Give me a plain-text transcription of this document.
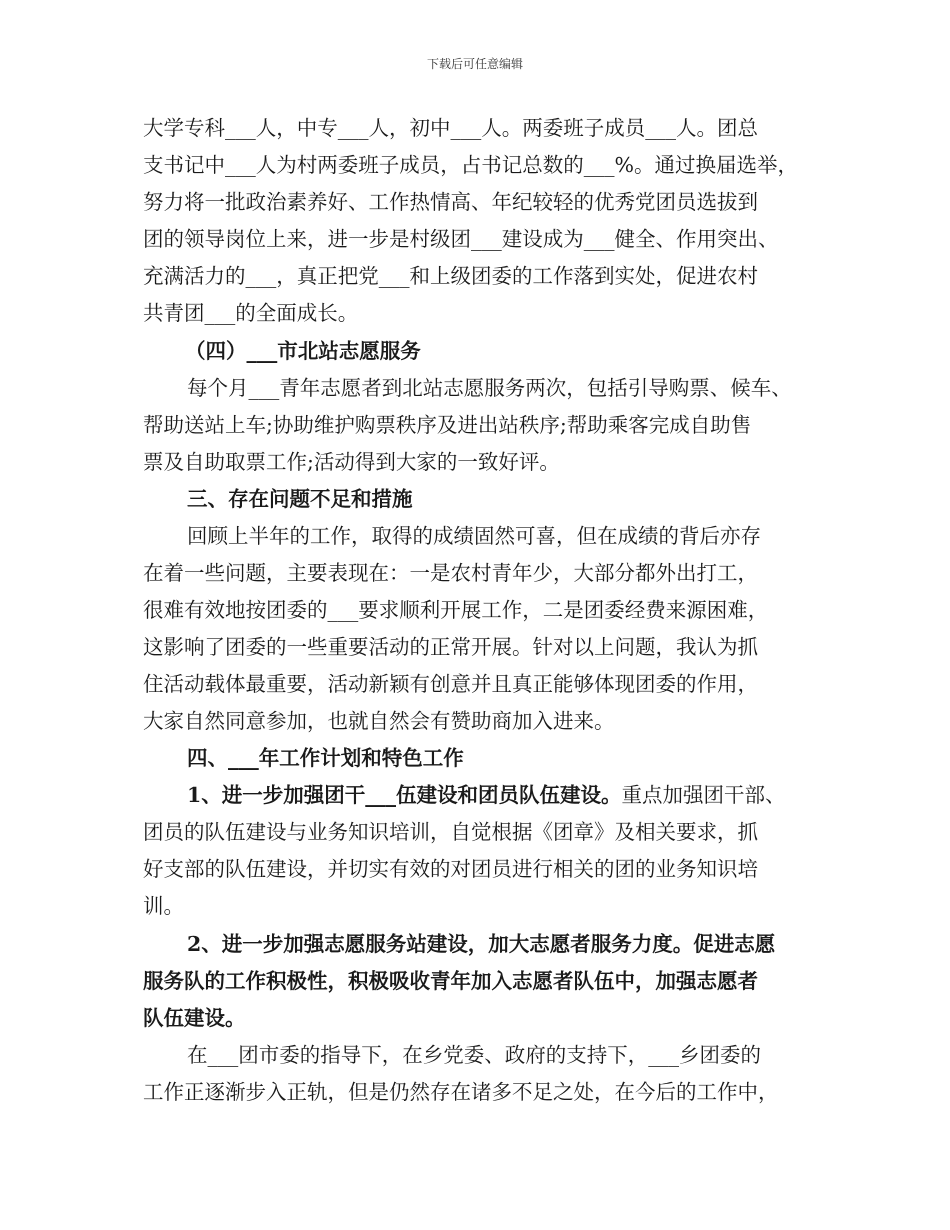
下载后可任意编辑
大学专科___人，中专___人，初中___人。两委班子成员___人。团总
支书记中___人为村两委班子成员，占书记总数的___%。通过换届选举，
努力将一批政治素养好、工作热情高、年纪较轻的优秀党团员选拔到
团的领导岗位上来，进一步是村级团___建设成为___健全、作用突出、
充满活力的___，真正把党___和上级团委的工作落到实处，促进农村
共青团___的全面成长。
（四）___市北站志愿服务
每个月___青年志愿者到北站志愿服务两次，包括引导购票、候车、
帮助送站上车;协助维护购票秩序及进出站秩序;帮助乘客完成自助售
票及自助取票工作;活动得到大家的一致好评。
三、存在问题不足和措施
回顾上半年的工作，取得的成绩固然可喜，但在成绩的背后亦存
在着一些问题，主要表现在：一是农村青年少，大部分都外出打工，
很难有效地按团委的___要求顺利开展工作，二是团委经费来源困难，
这影响了团委的一些重要活动的正常开展。针对以上问题，我认为抓
住活动载体最重要，活动新颖有创意并且真正能够体现团委的作用，
大家自然同意参加，也就自然会有赞助商加入进来。
四、___年工作计划和特色工作
1、进一步加强团干___伍建设和团员队伍建设。重点加强团干部、
团员的队伍建设与业务知识培训，自觉根据《团章》及相关要求，抓
好支部的队伍建设，并切实有效的对团员进行相关的团的业务知识培
训。
2、进一步加强志愿服务站建设，加大志愿者服务力度。促进志愿
服务队的工作积极性，积极吸收青年加入志愿者队伍中，加强志愿者
队伍建设。
在___团市委的指导下，在乡党委、政府的支持下，___乡团委的
工作正逐渐步入正轨，但是仍然存在诸多不足之处，在今后的工作中，
